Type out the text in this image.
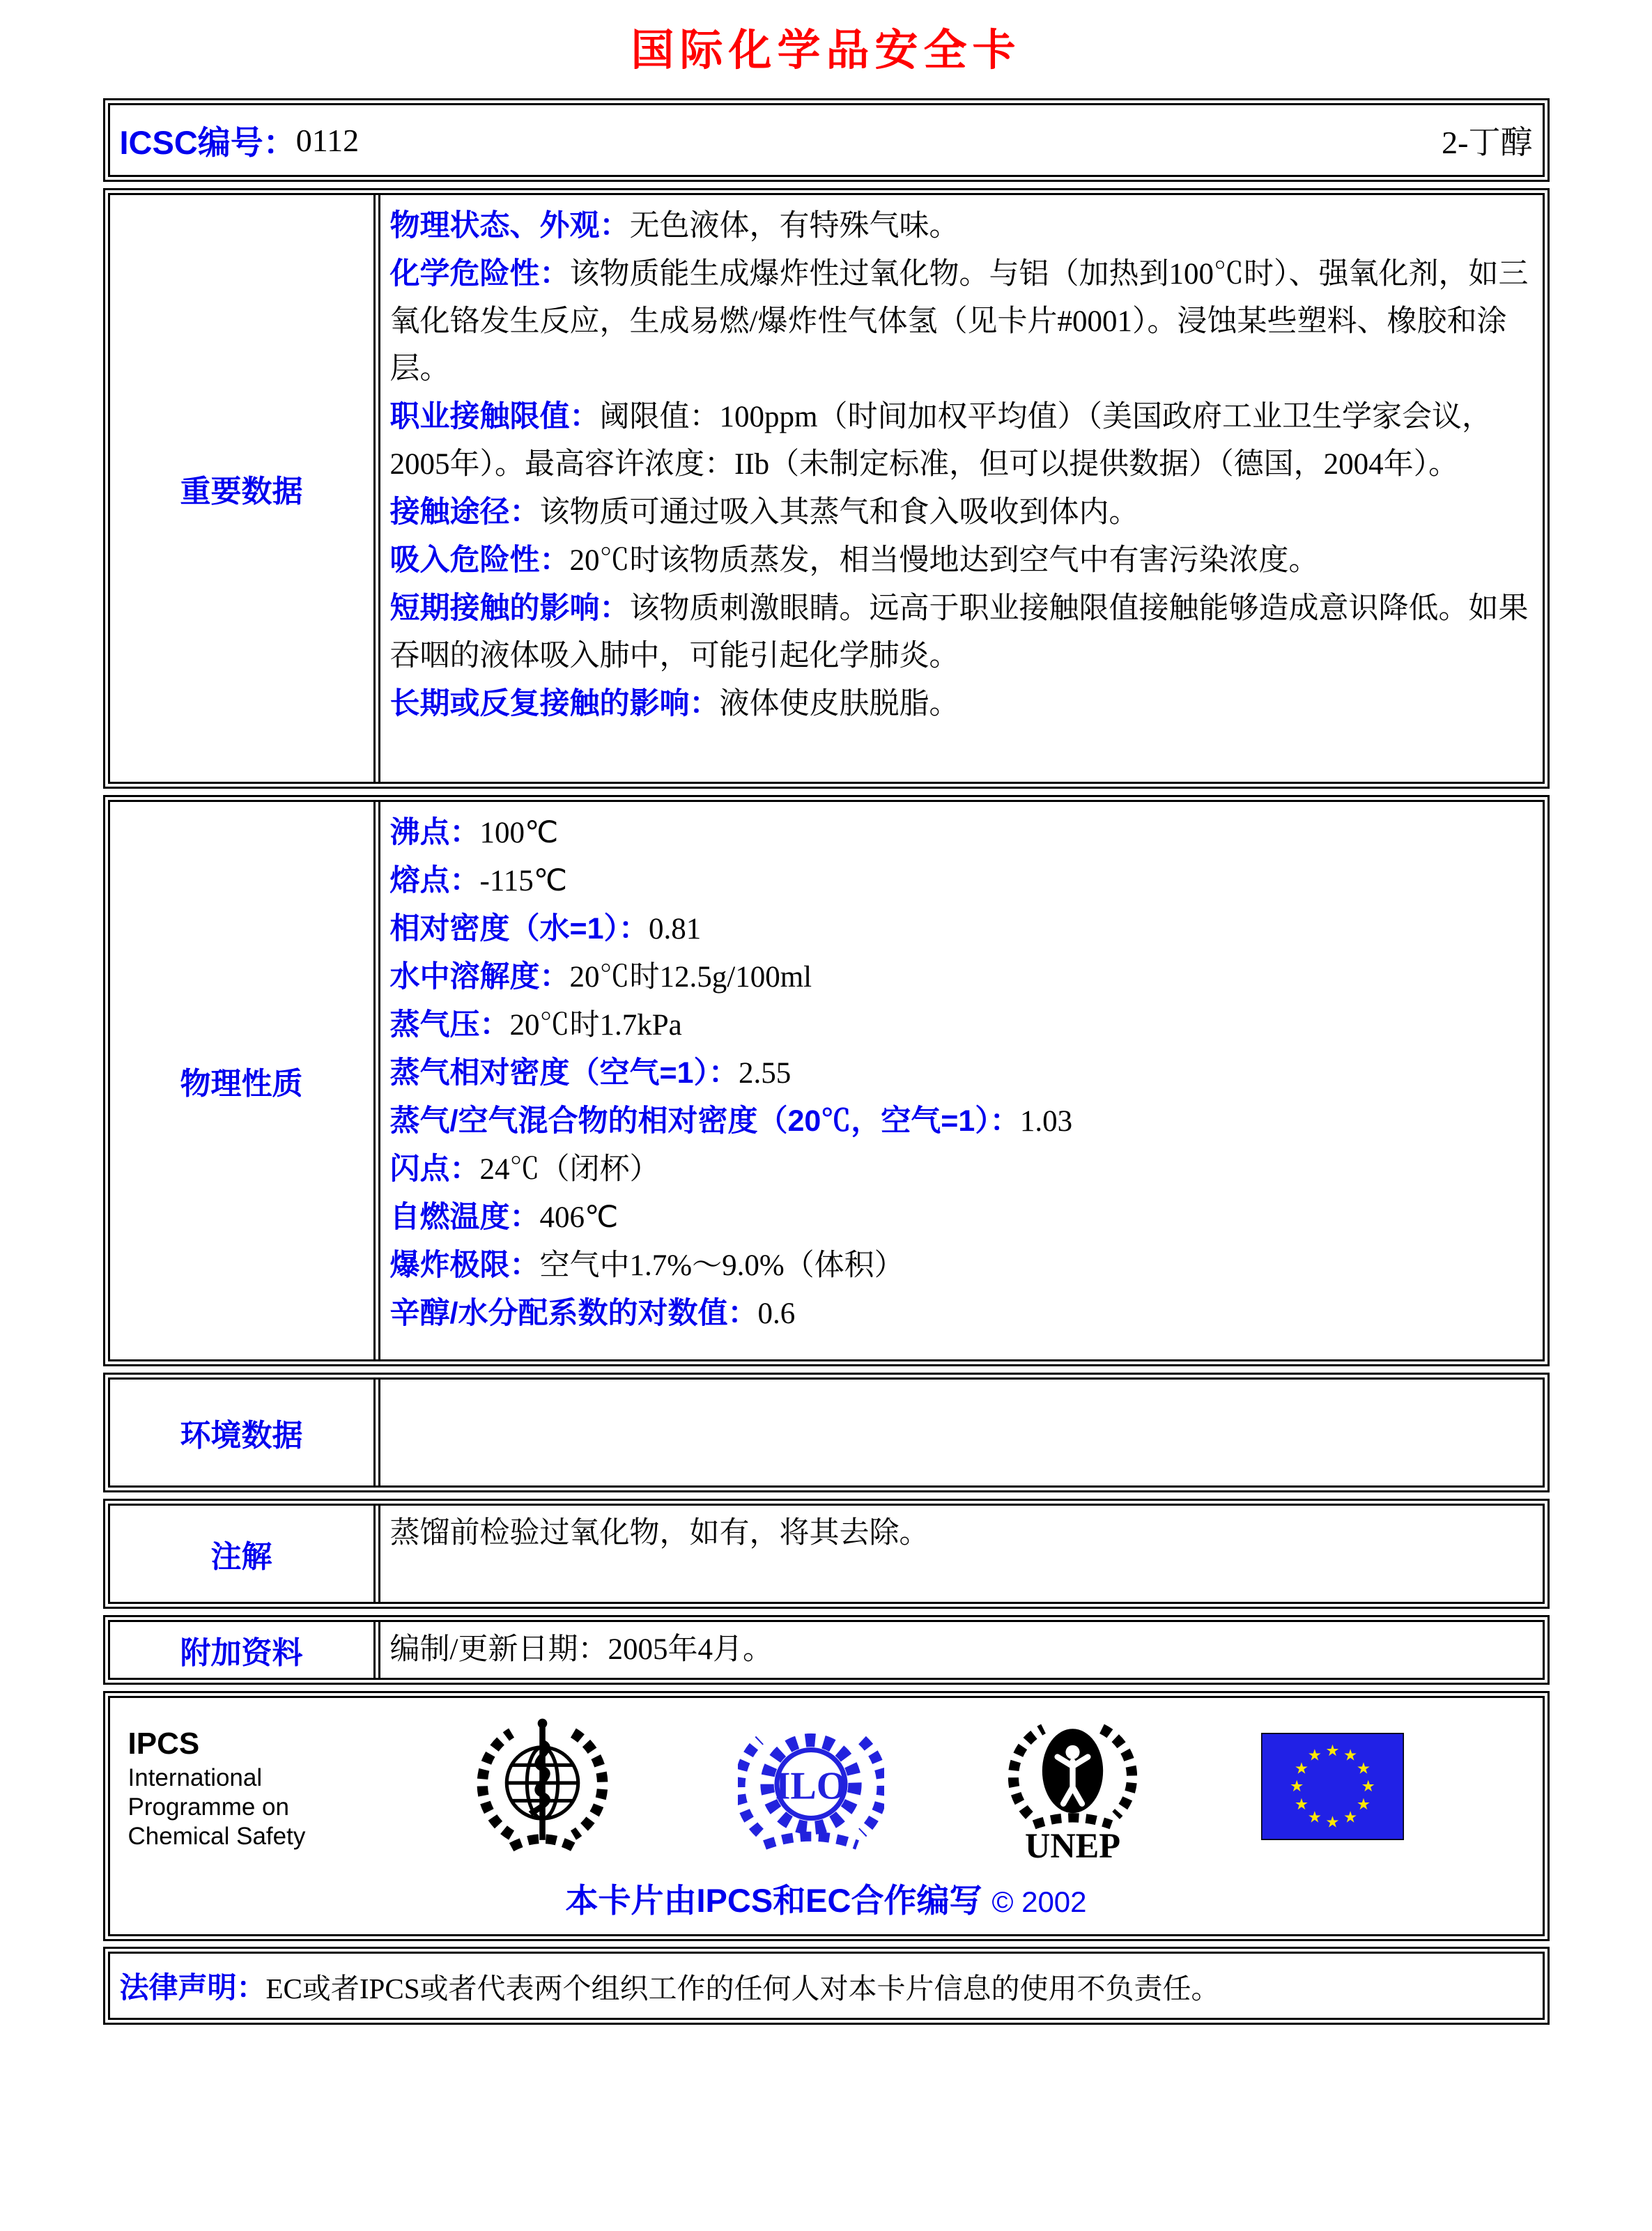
国际化学品安全卡
ICSC编号： 0112	2-丁醇
重要数据

物理状态、外观：无色液体，有特殊气味。

化学危险性：该物质能生成爆炸性过氧化物。与铝（加热到100℃时）、强氧化剂，如三氧化铬发生反应，生成易燃/爆炸性气体氢（见卡片#0001）。浸蚀某些塑料、橡胶和涂层。

职业接触限值：阈限值：100ppm（时间加权平均值）（美国政府工业卫生学家会议，2005年）。最高容许浓度：IIb（未制定标准，但可以提供数据）（德国，2004年）。

接触途径：该物质可通过吸入其蒸气和食入吸收到体内。

吸入危险性：20℃时该物质蒸发，相当慢地达到空气中有害污染浓度。

短期接触的影响：该物质刺激眼睛。远高于职业接触限值接触能够造成意识降低。如果吞咽的液体吸入肺中，可能引起化学肺炎。

长期或反复接触的影响：液体使皮肤脱脂。

物理性质

沸点：100℃

熔点：-115℃

相对密度（水=1）：0.81

水中溶解度：20℃时12.5g/100ml

蒸气压：20℃时1.7kPa

蒸气相对密度（空气=1）：2.55

蒸气/空气混合物的相对密度（20℃，空气=1）：1.03

闪点：24℃（闭杯）

自燃温度：406℃

爆炸极限：空气中1.7%～9.0%（体积）

辛醇/水分配系数的对数值：0.6

环境数据
注解

蒸馏前检验过氧化物，如有，将其去除。

附加资料	编制/更新日期：2005年4月。

IPCS
International
Programme on
Chemical Safety
ILO
UNEP
★ ★
★
★
★
★
★
★
★
★
★
★
本卡片由IPCS和EC合作编写 © 2002
法律声明： EC或者IPCS或者代表两个组织工作的任何人对本卡片信息的使用不负责任。
